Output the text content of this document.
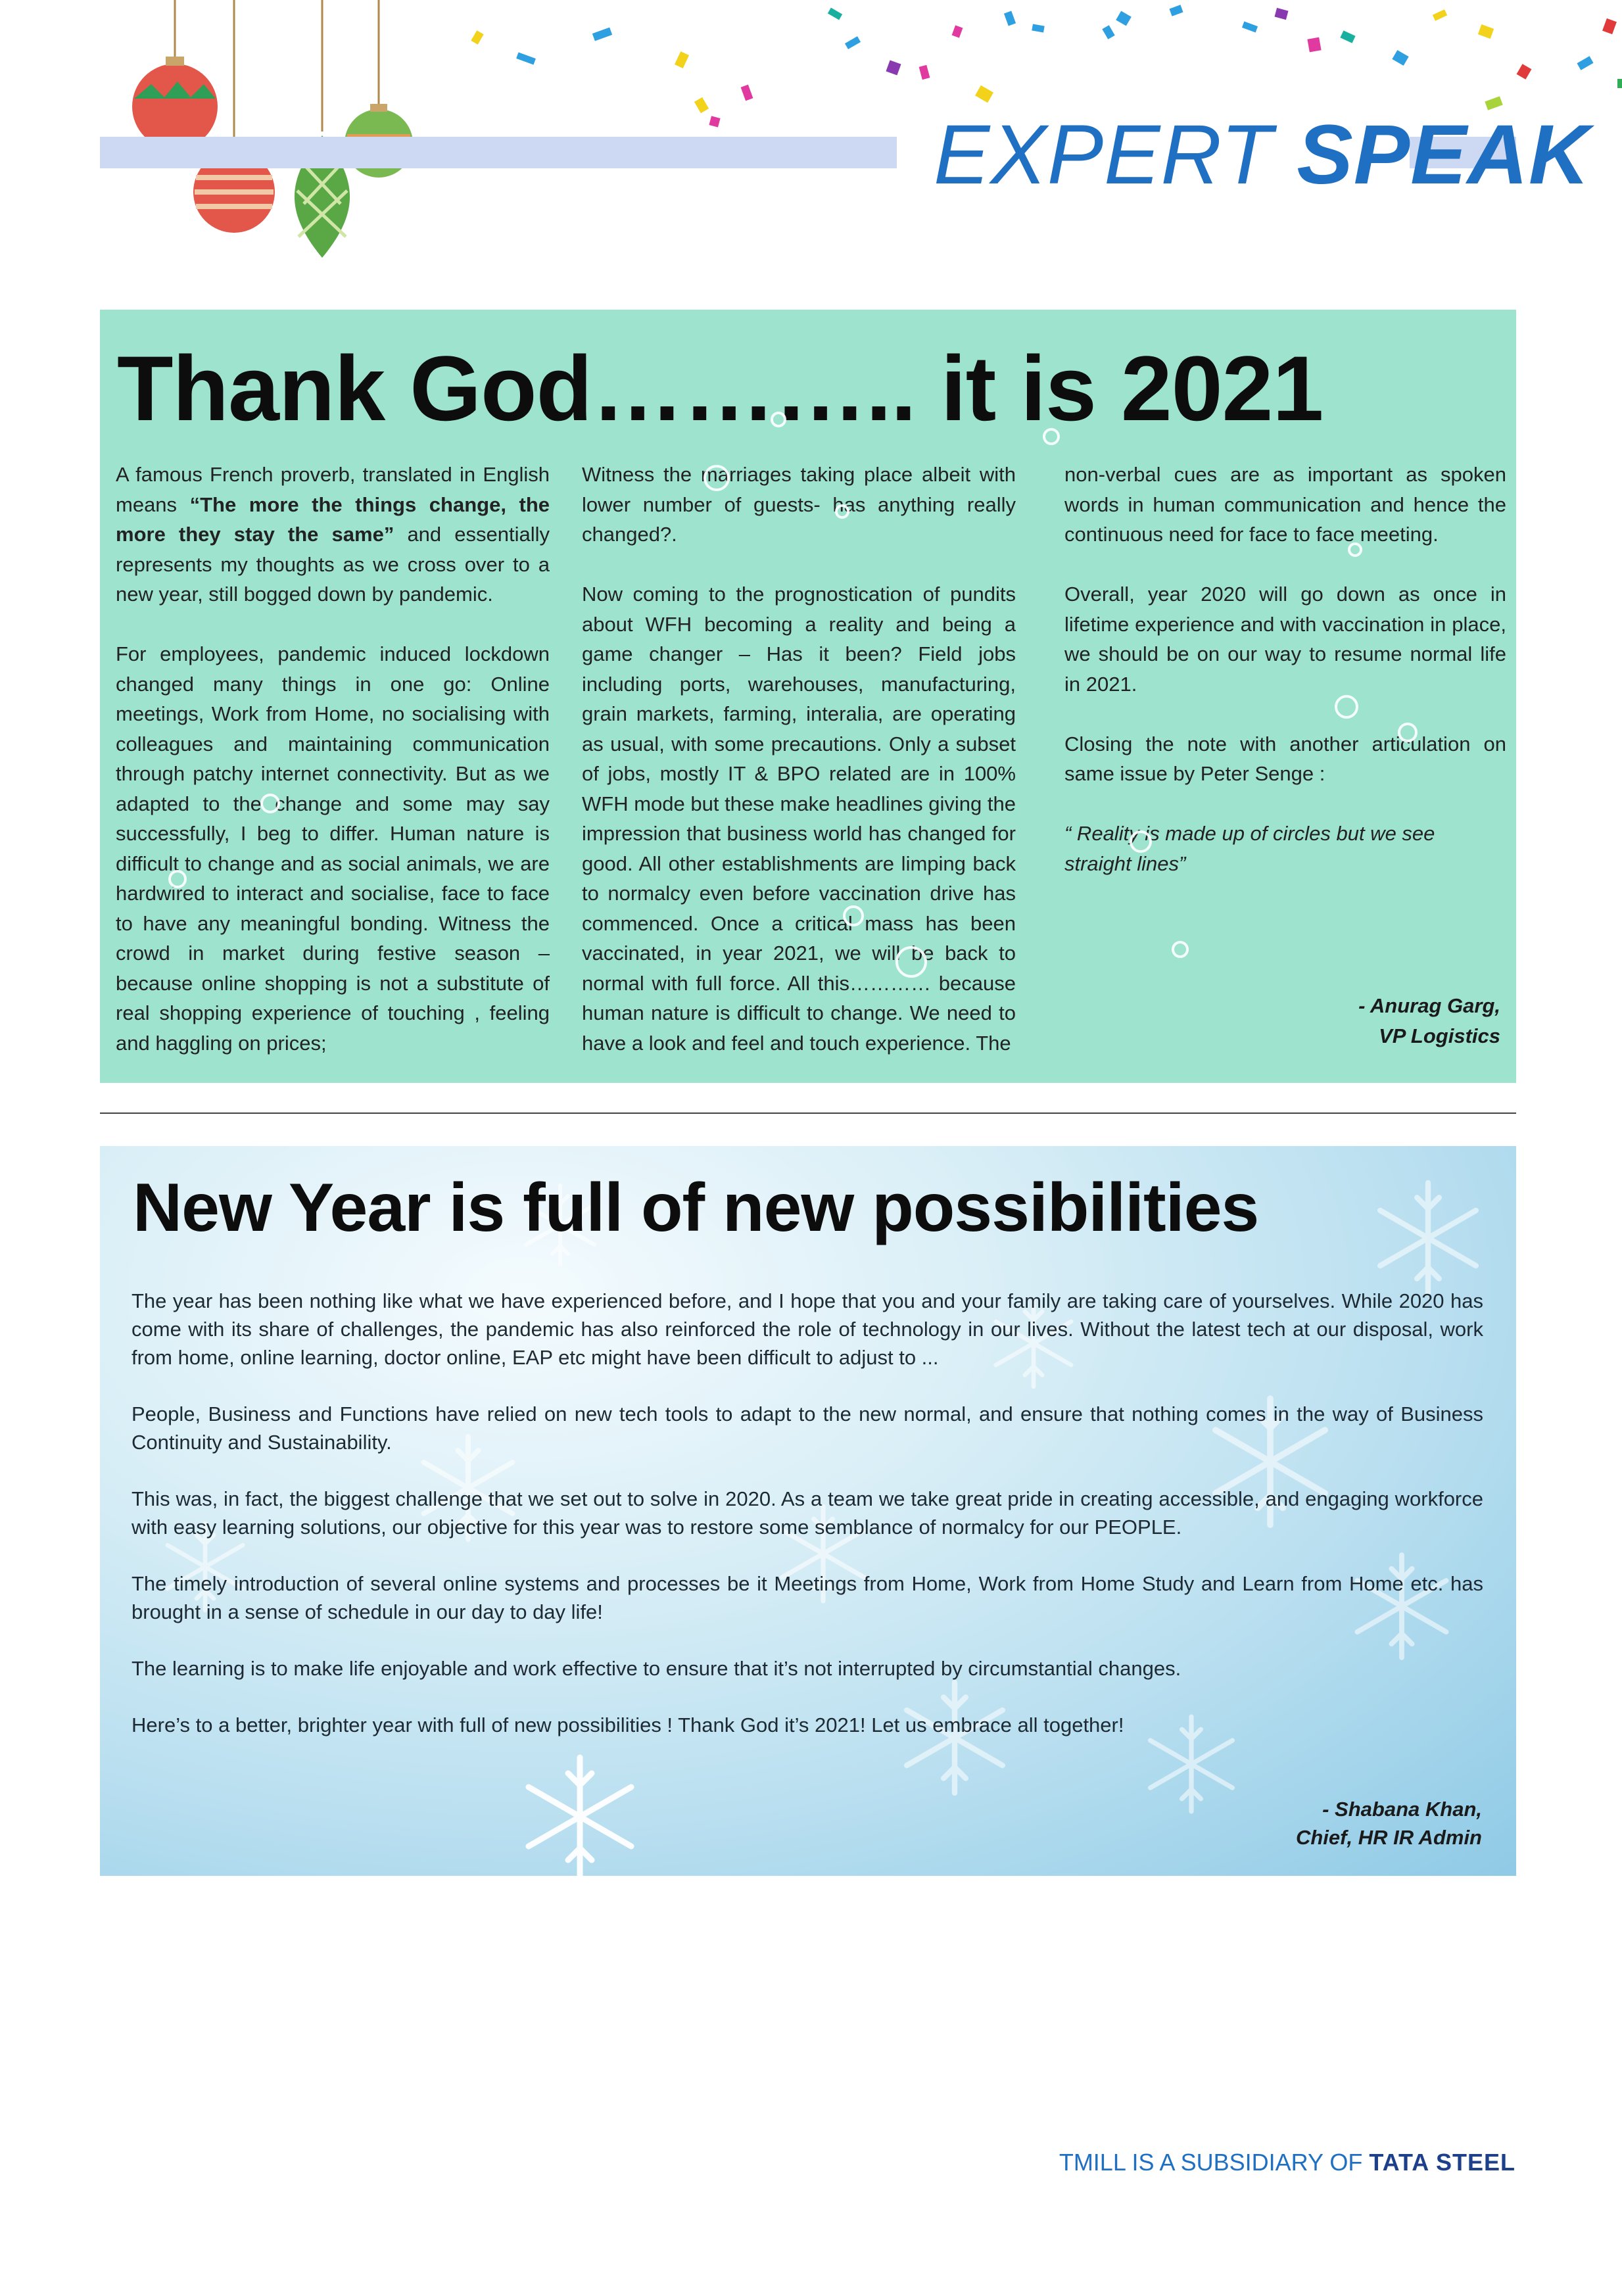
EXPERT SPEAK
Thank God……….. it is 2021

A famous French proverb, translated in English means “The more the things change, the more they stay the same” and essentially represents my thoughts as we cross over to a new year, still bogged down by pandemic.

For employees, pandemic induced lockdown changed many things in one go: Online meetings, Work from Home, no socialising with colleagues and maintaining communication through patchy internet connectivity. But as we adapted to the change and some may say successfully, I beg to differ. Human nature is difficult to change and as social animals, we are hardwired to interact and socialise, face to face to have any meaningful bonding. Witness the crowd in market during festive season – because online shopping is not a substitute of real shopping experience of touching , feeling and haggling on prices;

Witness the marriages taking place albeit with lower number of guests- has anything really changed?.

Now coming to the prognostication of pundits about WFH becoming a reality and being a game changer – Has it been? Field jobs including ports, warehouses, manufacturing, grain markets, farming, interalia, are operating as usual, with some precautions. Only a subset of jobs, mostly IT & BPO related are in 100% WFH mode but these make headlines giving the impression that business world has changed for good. All other establishments are limping back to normalcy even before vaccination drive has commenced. Once a critical mass has been vaccinated, in year 2021, we will be back to normal with full force. All this………… because human nature is difficult to change. We need to have a look and feel and touch experience. The

non-verbal cues are as important as spoken words in human communication and hence the continuous need for face to face meeting.

Overall, year 2020 will go down as once in lifetime experience and with vaccination in place, we should be on our way to resume normal life in 2021.

Closing the note with another articulation on same issue by Peter Senge :

“ Reality is made up of circles but we see straight lines”

- Anurag Garg,
VP Logistics
New Year is full of new possibilities

The year has been nothing like what we have experienced before, and I hope that you and your family are taking care of yourselves. While 2020 has come with its share of challenges, the pandemic has also reinforced the role of technology in our lives. Without the latest tech at our disposal, work from home, online learning, doctor online, EAP etc might have been difficult to adjust to ...

People, Business and Functions have relied on new tech tools to adapt to the new normal, and ensure that nothing comes in the way of Business Continuity and Sustainability.

This was, in fact, the biggest challenge that we set out to solve in 2020. As a team we take great pride in creating accessible, and engaging workforce with easy learning solutions, our objective for this year was to restore some semblance of normalcy for our PEOPLE.

The timely introduction of several online systems and processes be it Meetings from Home, Work from Home Study and Learn from Home etc. has brought in a sense of schedule in our day to day life!

The learning is to make life enjoyable and work effective to ensure that it’s not interrupted by circumstantial changes.

Here’s to a better, brighter year with full of new possibilities ! Thank God it’s 2021! Let us embrace all together!

- Shabana Khan,
Chief, HR IR Admin
TMILL IS A SUBSIDIARY OF TATA STEEL
